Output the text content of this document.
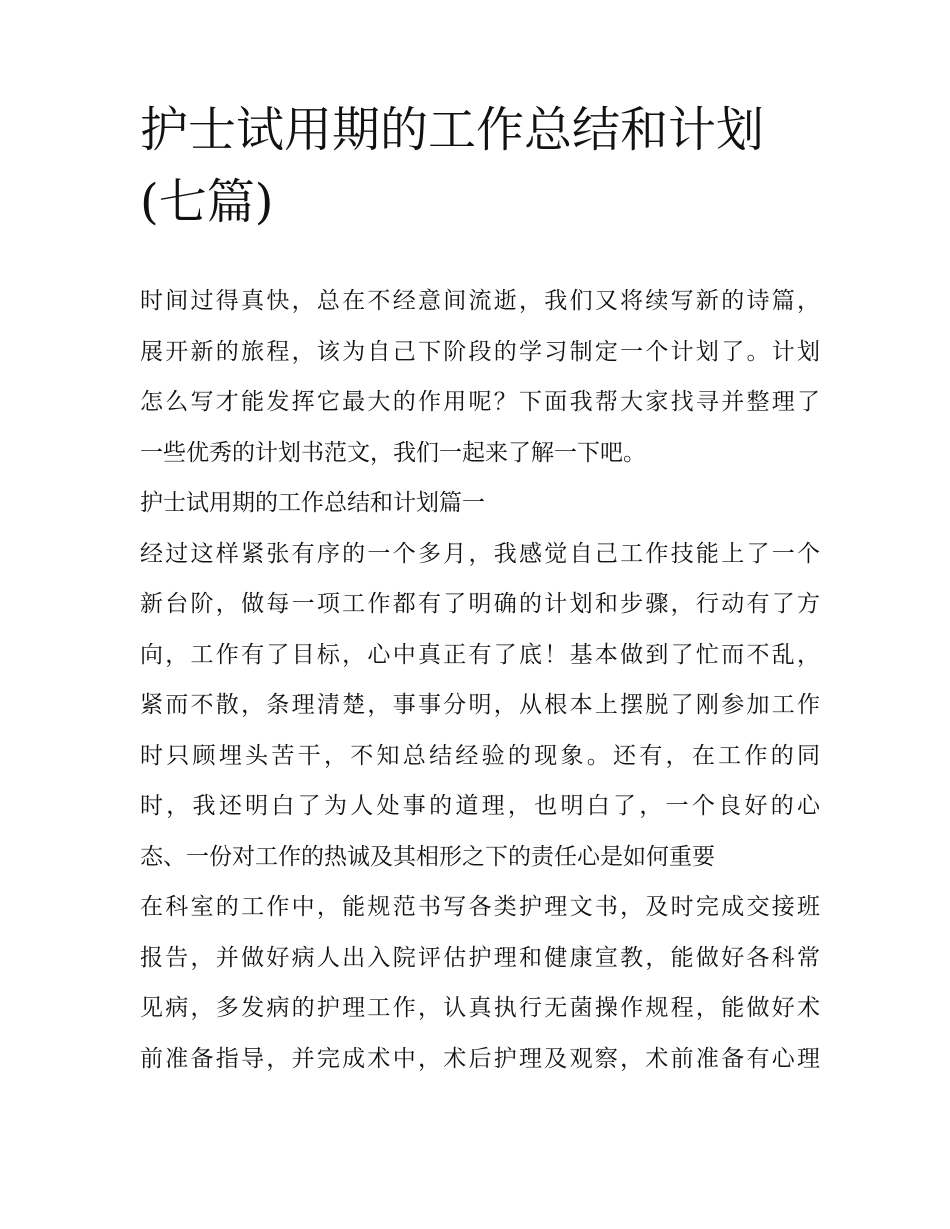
护士试用期的工作总结和计划
(七篇)
时间过得真快，总在不经意间流逝，我们又将续写新的诗篇，
展开新的旅程，该为自己下阶段的学习制定一个计划了。计划
怎么写才能发挥它最大的作用呢？下面我帮大家找寻并整理了
一些优秀的计划书范文，我们一起来了解一下吧。
护士试用期的工作总结和计划篇一
经过这样紧张有序的一个多月，我感觉自己工作技能上了一个
新台阶，做每一项工作都有了明确的计划和步骤，行动有了方
向，工作有了目标，心中真正有了底！基本做到了忙而不乱，
紧而不散，条理清楚，事事分明，从根本上摆脱了刚参加工作
时只顾埋头苦干，不知总结经验的现象。还有，在工作的同
时，我还明白了为人处事的道理，也明白了，一个良好的心
态、一份对工作的热诚及其相形之下的责任心是如何重要
在科室的工作中，能规范书写各类护理文书，及时完成交接班
报告，并做好病人出入院评估护理和健康宣教，能做好各科常
见病，多发病的护理工作，认真执行无菌操作规程，能做好术
前准备指导，并完成术中，术后护理及观察，术前准备有心理
